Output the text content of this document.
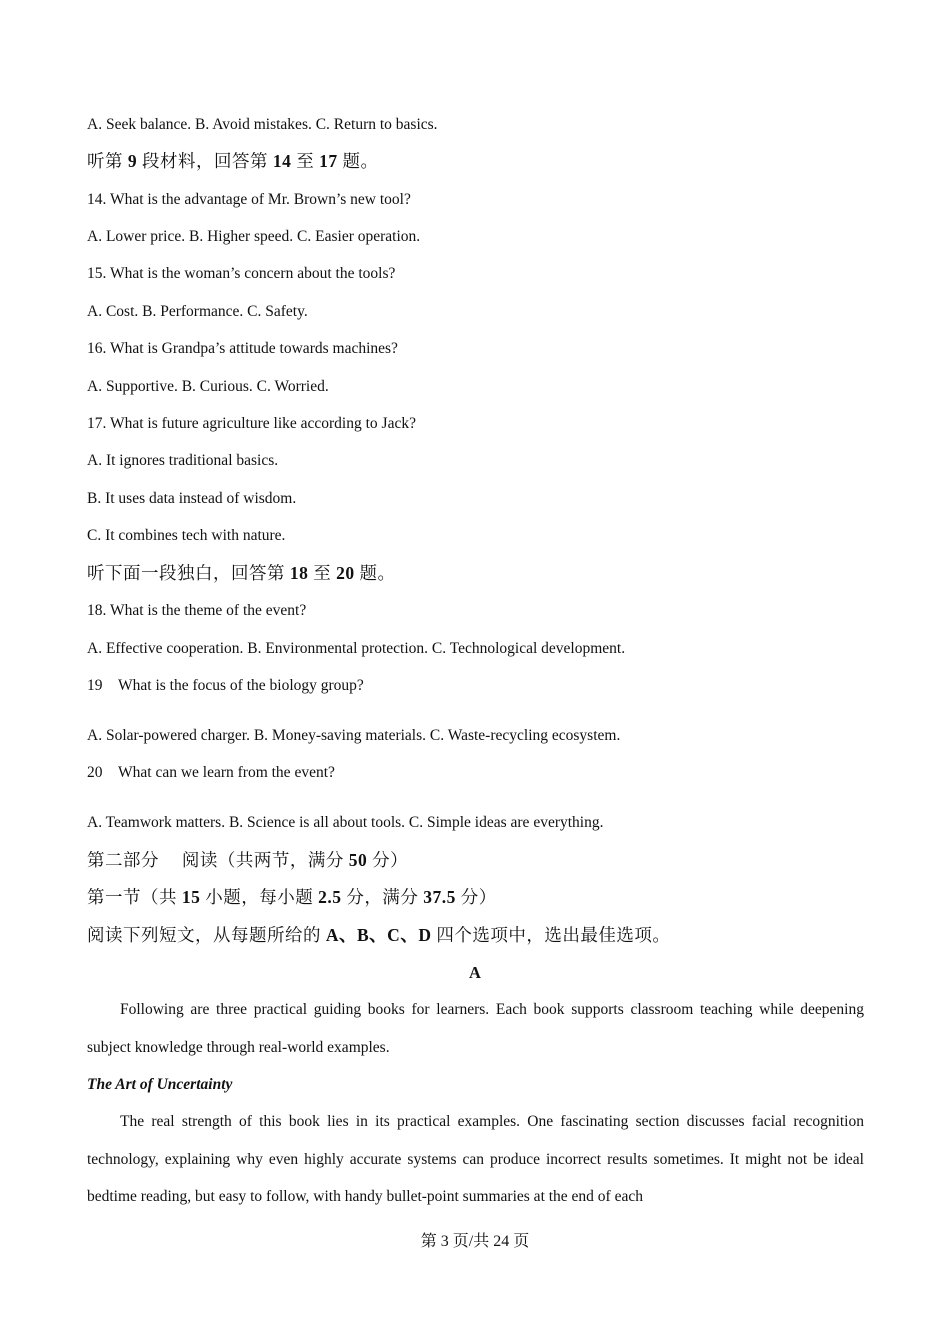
A. Seek balance. B. Avoid mistakes. C. Return to basics.
听第 9 段材料，回答第 14 至 17 题。
14. What is the advantage of Mr. Brown’s new tool?
A. Lower price. B. Higher speed. C. Easier operation.
15. What is the woman’s concern about the tools?
A. Cost. B. Performance. C. Safety.
16. What is Grandpa’s attitude towards machines?
A. Supportive. B. Curious. C. Worried.
17. What is future agriculture like according to Jack?
A. It ignores traditional basics.
B. It uses data instead of wisdom.
C. It combines tech with nature.
听下面一段独白，回答第 18 至 20 题。
18. What is the theme of the event?
A. Effective cooperation. B. Environmental protection. C. Technological development.
19　What is the focus of the biology group?
A. Solar-powered charger. B. Money-saving materials. C. Waste-recycling ecosystem.
20　What can we learn from the event?
A. Teamwork matters. B. Science is all about tools. C. Simple ideas are everything.
第二部分　 阅读（共两节，满分 50 分）
第一节（共 15 小题，每小题 2.5 分，满分 37.5 分）
阅读下列短文，从每题所给的 A、B、C、D 四个选项中，选出最佳选项。
A
Following are three practical guiding books for learners. Each book supports classroom teaching while deepening subject knowledge through real-world examples.
The Art of Uncertainty
The real strength of this book lies in its practical examples. One fascinating section discusses facial recognition technology, explaining why even highly accurate systems can produce incorrect results sometimes. It might not be ideal bedtime reading, but easy to follow, with handy bullet-point summaries at the end of each
第 3 页/共 24 页
